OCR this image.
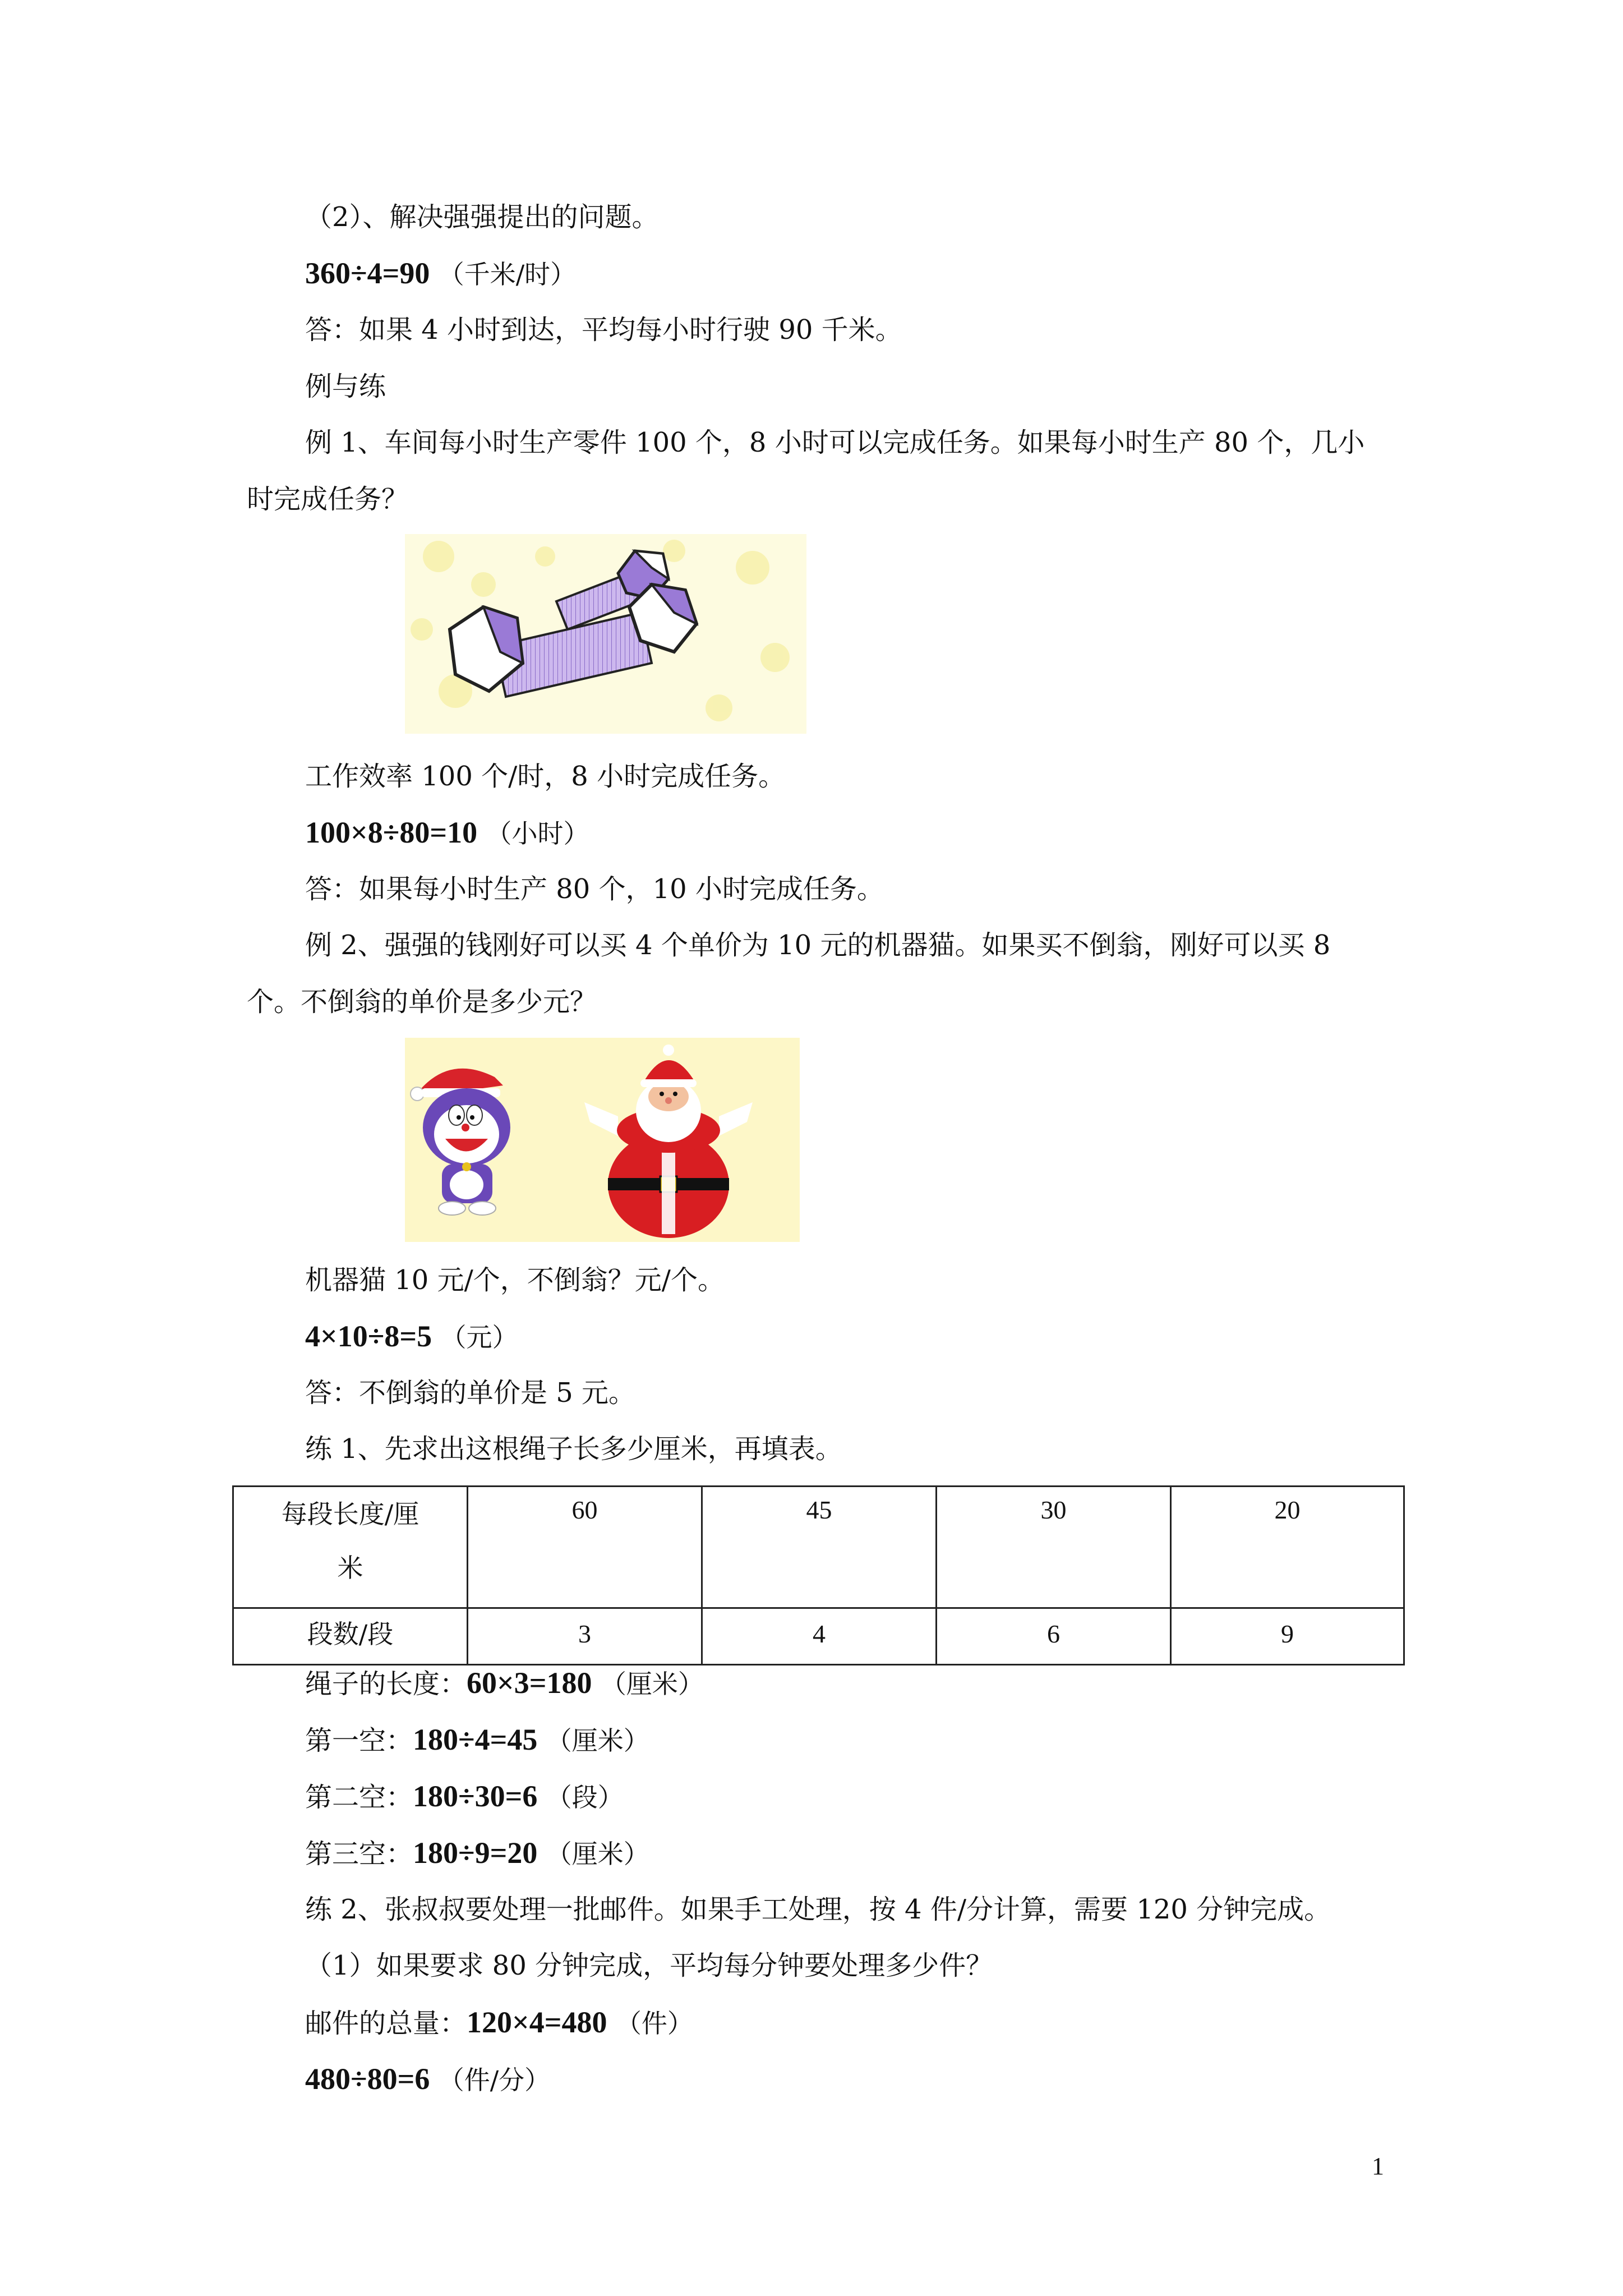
（2）、解决强强提出的问题。
360÷4=90 （千米/时）
答：如果 4 小时到达，平均每小时行驶 90 千米。
例与练
例 1、车间每小时生产零件 100 个，8 小时可以完成任务。如果每小时生产 80 个，几小
时完成任务？
工作效率 100 个/时，8 小时完成任务。
100×8÷80=10 （小时）
答：如果每小时生产 80 个，10 小时完成任务。
例 2、强强的钱刚好可以买 4 个单价为 10 元的机器猫。如果买不倒翁，刚好可以买 8
个。不倒翁的单价是多少元？
机器猫 10 元/个，不倒翁？元/个。
4×10÷8=5 （元）
答：不倒翁的单价是 5 元。
练 1、先求出这根绳子长多少厘米，再填表。
每段长度/厘
米	60	45	30	20
段数/段	3	4	6	9
绳子的长度：60×3=180 （厘米）
第一空：180÷4=45 （厘米）
第二空：180÷30=6 （段）
第三空：180÷9=20 （厘米）
练 2、张叔叔要处理一批邮件。如果手工处理，按 4 件/分计算，需要 120 分钟完成。
（1）如果要求 80 分钟完成，平均每分钟要处理多少件？
邮件的总量：120×4=480 （件）
480÷80=6 （件/分）
1
